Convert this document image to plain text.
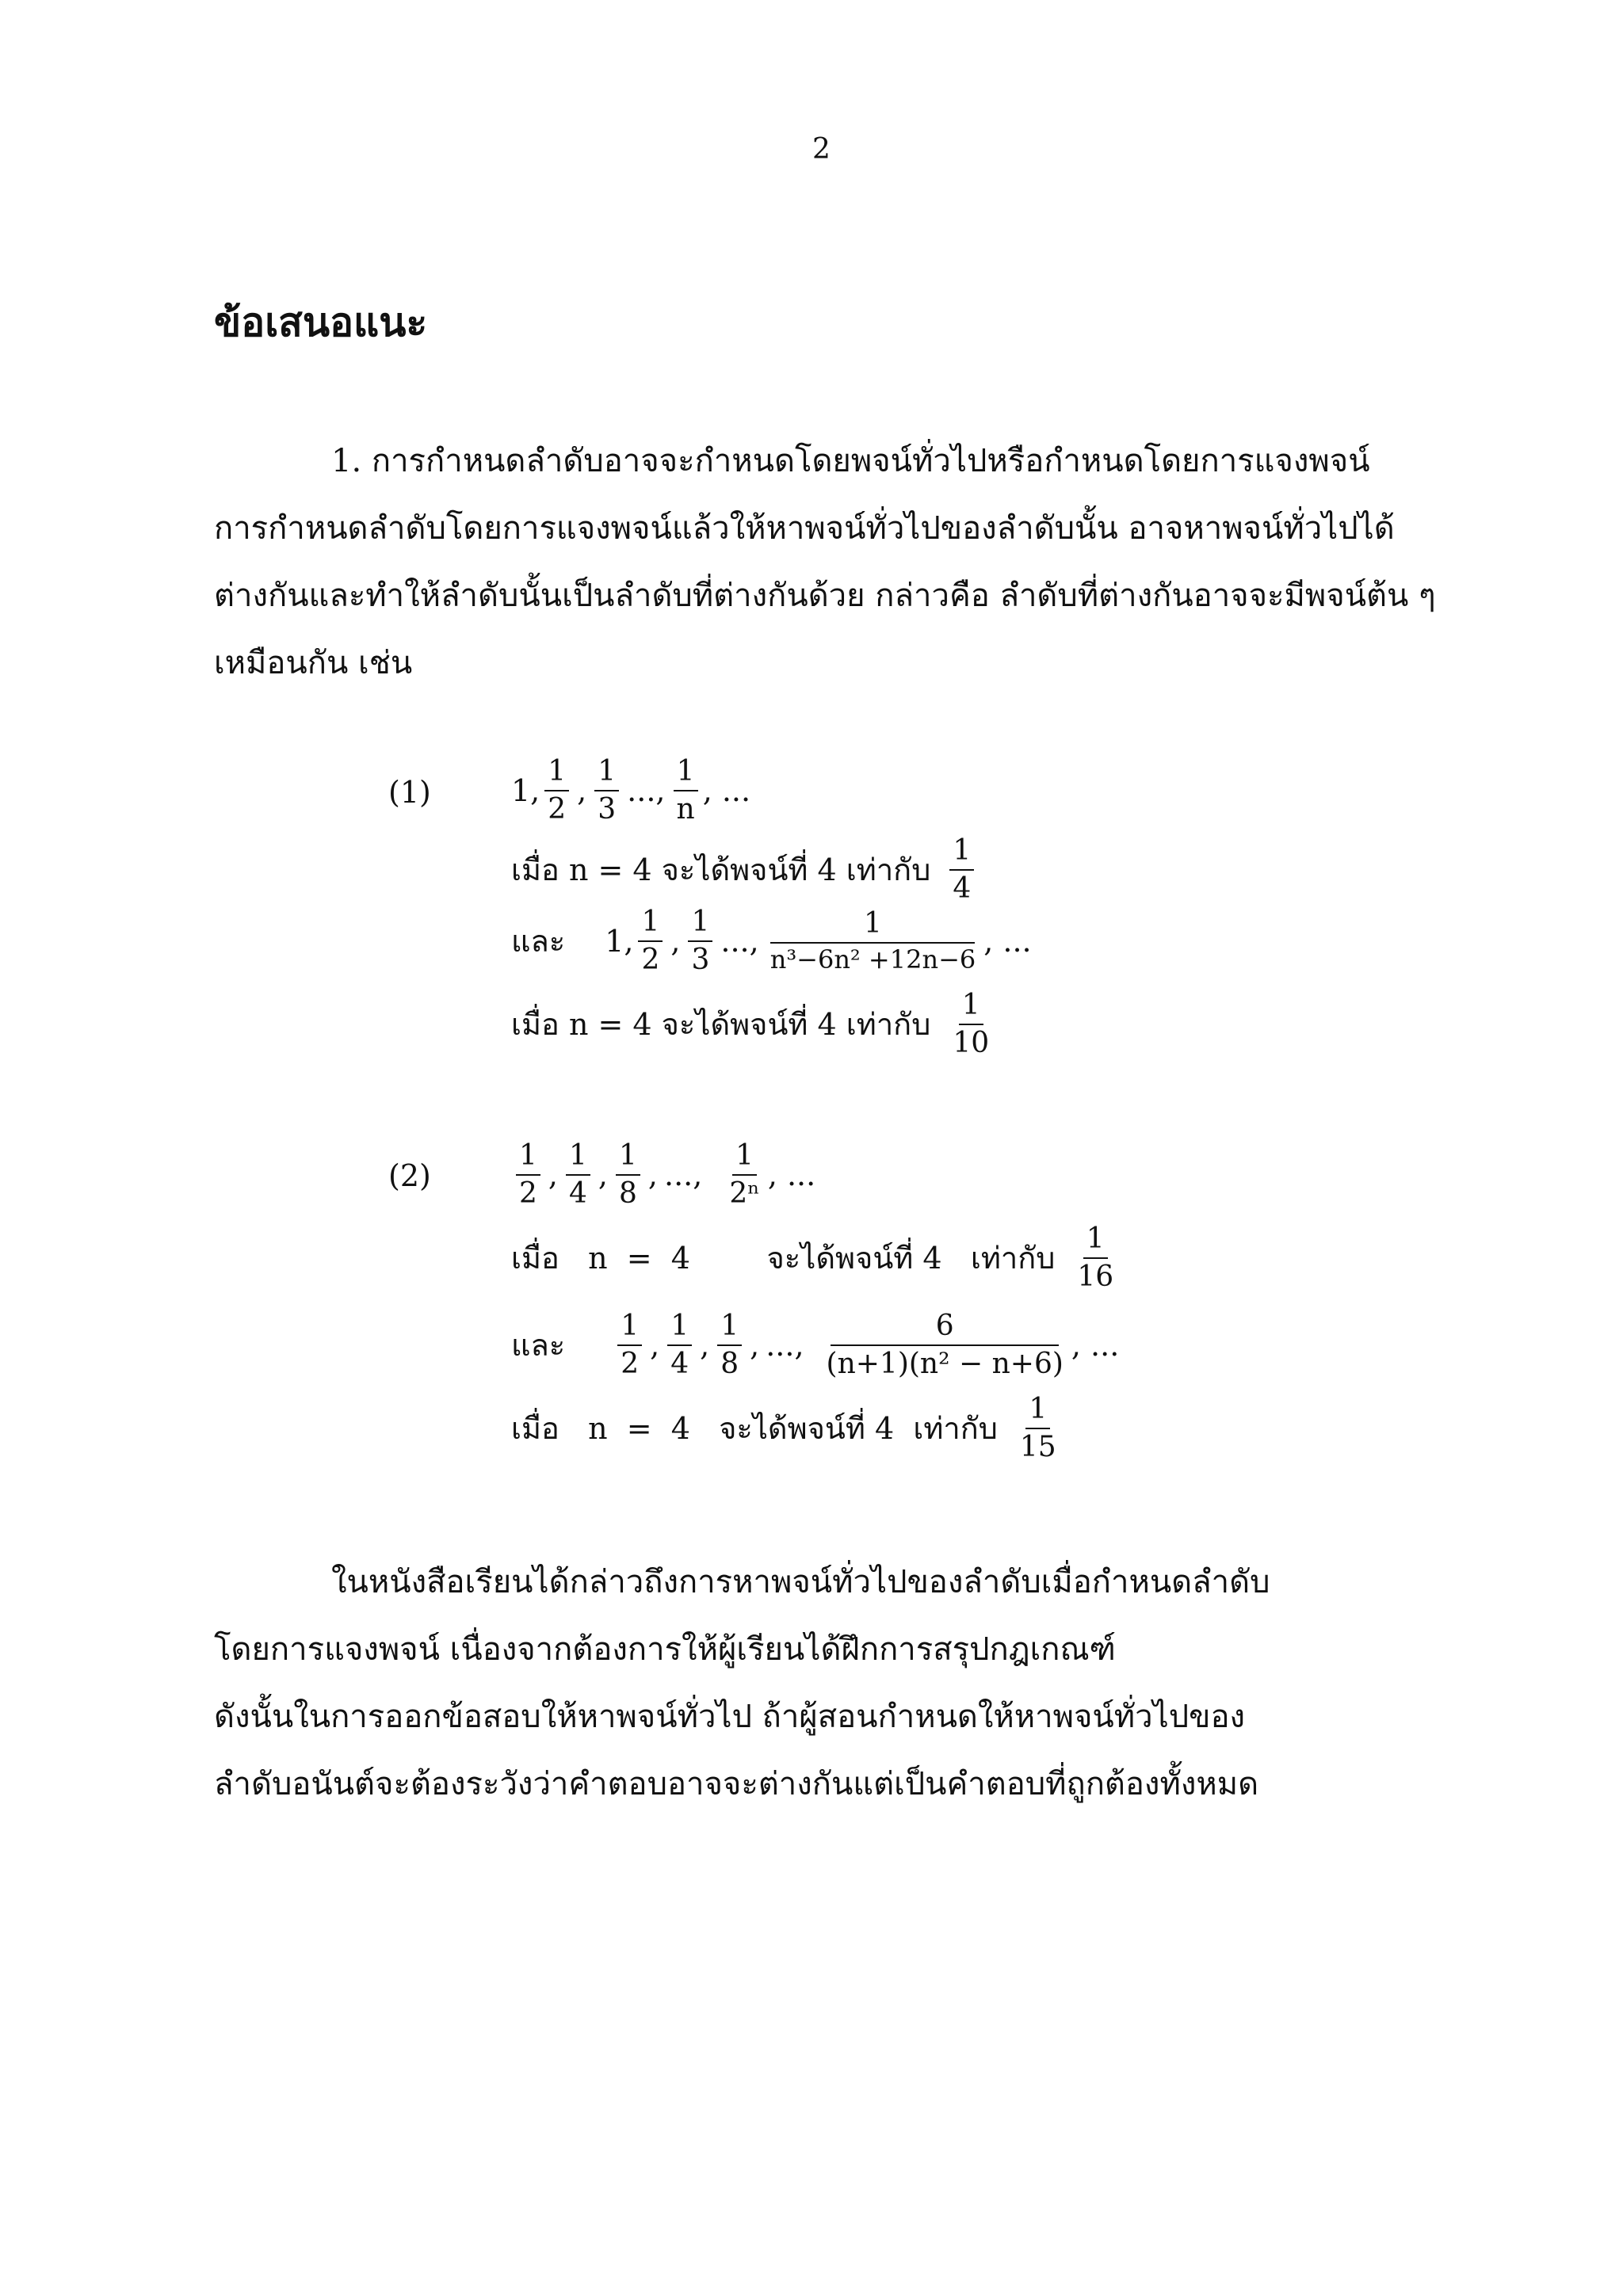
2
ข้อเสนอแนะ
1. การกำหนดลำดับอาจจะกำหนดโดยพจน์ทั่วไปหรือกำหนดโดยการแจงพจน์
การกำหนดลำดับโดยการแจงพจน์แล้วให้หาพจน์ทั่วไปของลำดับนั้น อาจหาพจน์ทั่วไปได้
ต่างกันและทำให้ลำดับนั้นเป็นลำดับที่ต่างกันด้วย กล่าวคือ ลำดับที่ต่างกันอาจจะมีพจน์ต้น ๆ
เหมือนกัน เช่น
(1)	1, $\frac{1}{2}$ , $\frac{1}{3}$ ..., $\frac{1}{n}$ , ...
เมื่อ n = 4 จะได้พจน์ที่ 4 เท่ากับ $\frac{1}{4}$
และ 1, $\frac{1}{2}$ , $\frac{1}{3}$ ..., $\frac{1}{\text{n³−6n² +12n−6}}$ , ...
เมื่อ n = 4 จะได้พจน์ที่ 4 เท่ากับ $\frac{1}{10}$
(2)	$\frac{1}{2}$ , $\frac{1}{4}$ , $\frac{1}{8}$ , ..., $\frac{1}{\text{2ⁿ}}$ , ...
เมื่อ   n  =  4        จะได้พจน์ที่ 4   เท่ากับ $\frac{1}{16}$
และ $\frac{1}{2}$ , $\frac{1}{4}$ , $\frac{1}{8}$ , ..., $\frac{6}{\text{(n+1)(n² − n+6)}}$ , ...
เมื่อ   n  =  4   จะได้พจน์ที่ 4  เท่ากับ $\frac{1}{15}$
ในหนังสือเรียนได้กล่าวถึงการหาพจน์ทั่วไปของลำดับเมื่อกำหนดลำดับ
โดยการแจงพจน์ เนื่องจากต้องการให้ผู้เรียนได้ฝึกการสรุปกฎเกณฑ์
ดังนั้นในการออกข้อสอบให้หาพจน์ทั่วไป ถ้าผู้สอนกำหนดให้หาพจน์ทั่วไปของ
ลำดับอนันต์จะต้องระวังว่าคำตอบอาจจะต่างกันแต่เป็นคำตอบที่ถูกต้องทั้งหมด
